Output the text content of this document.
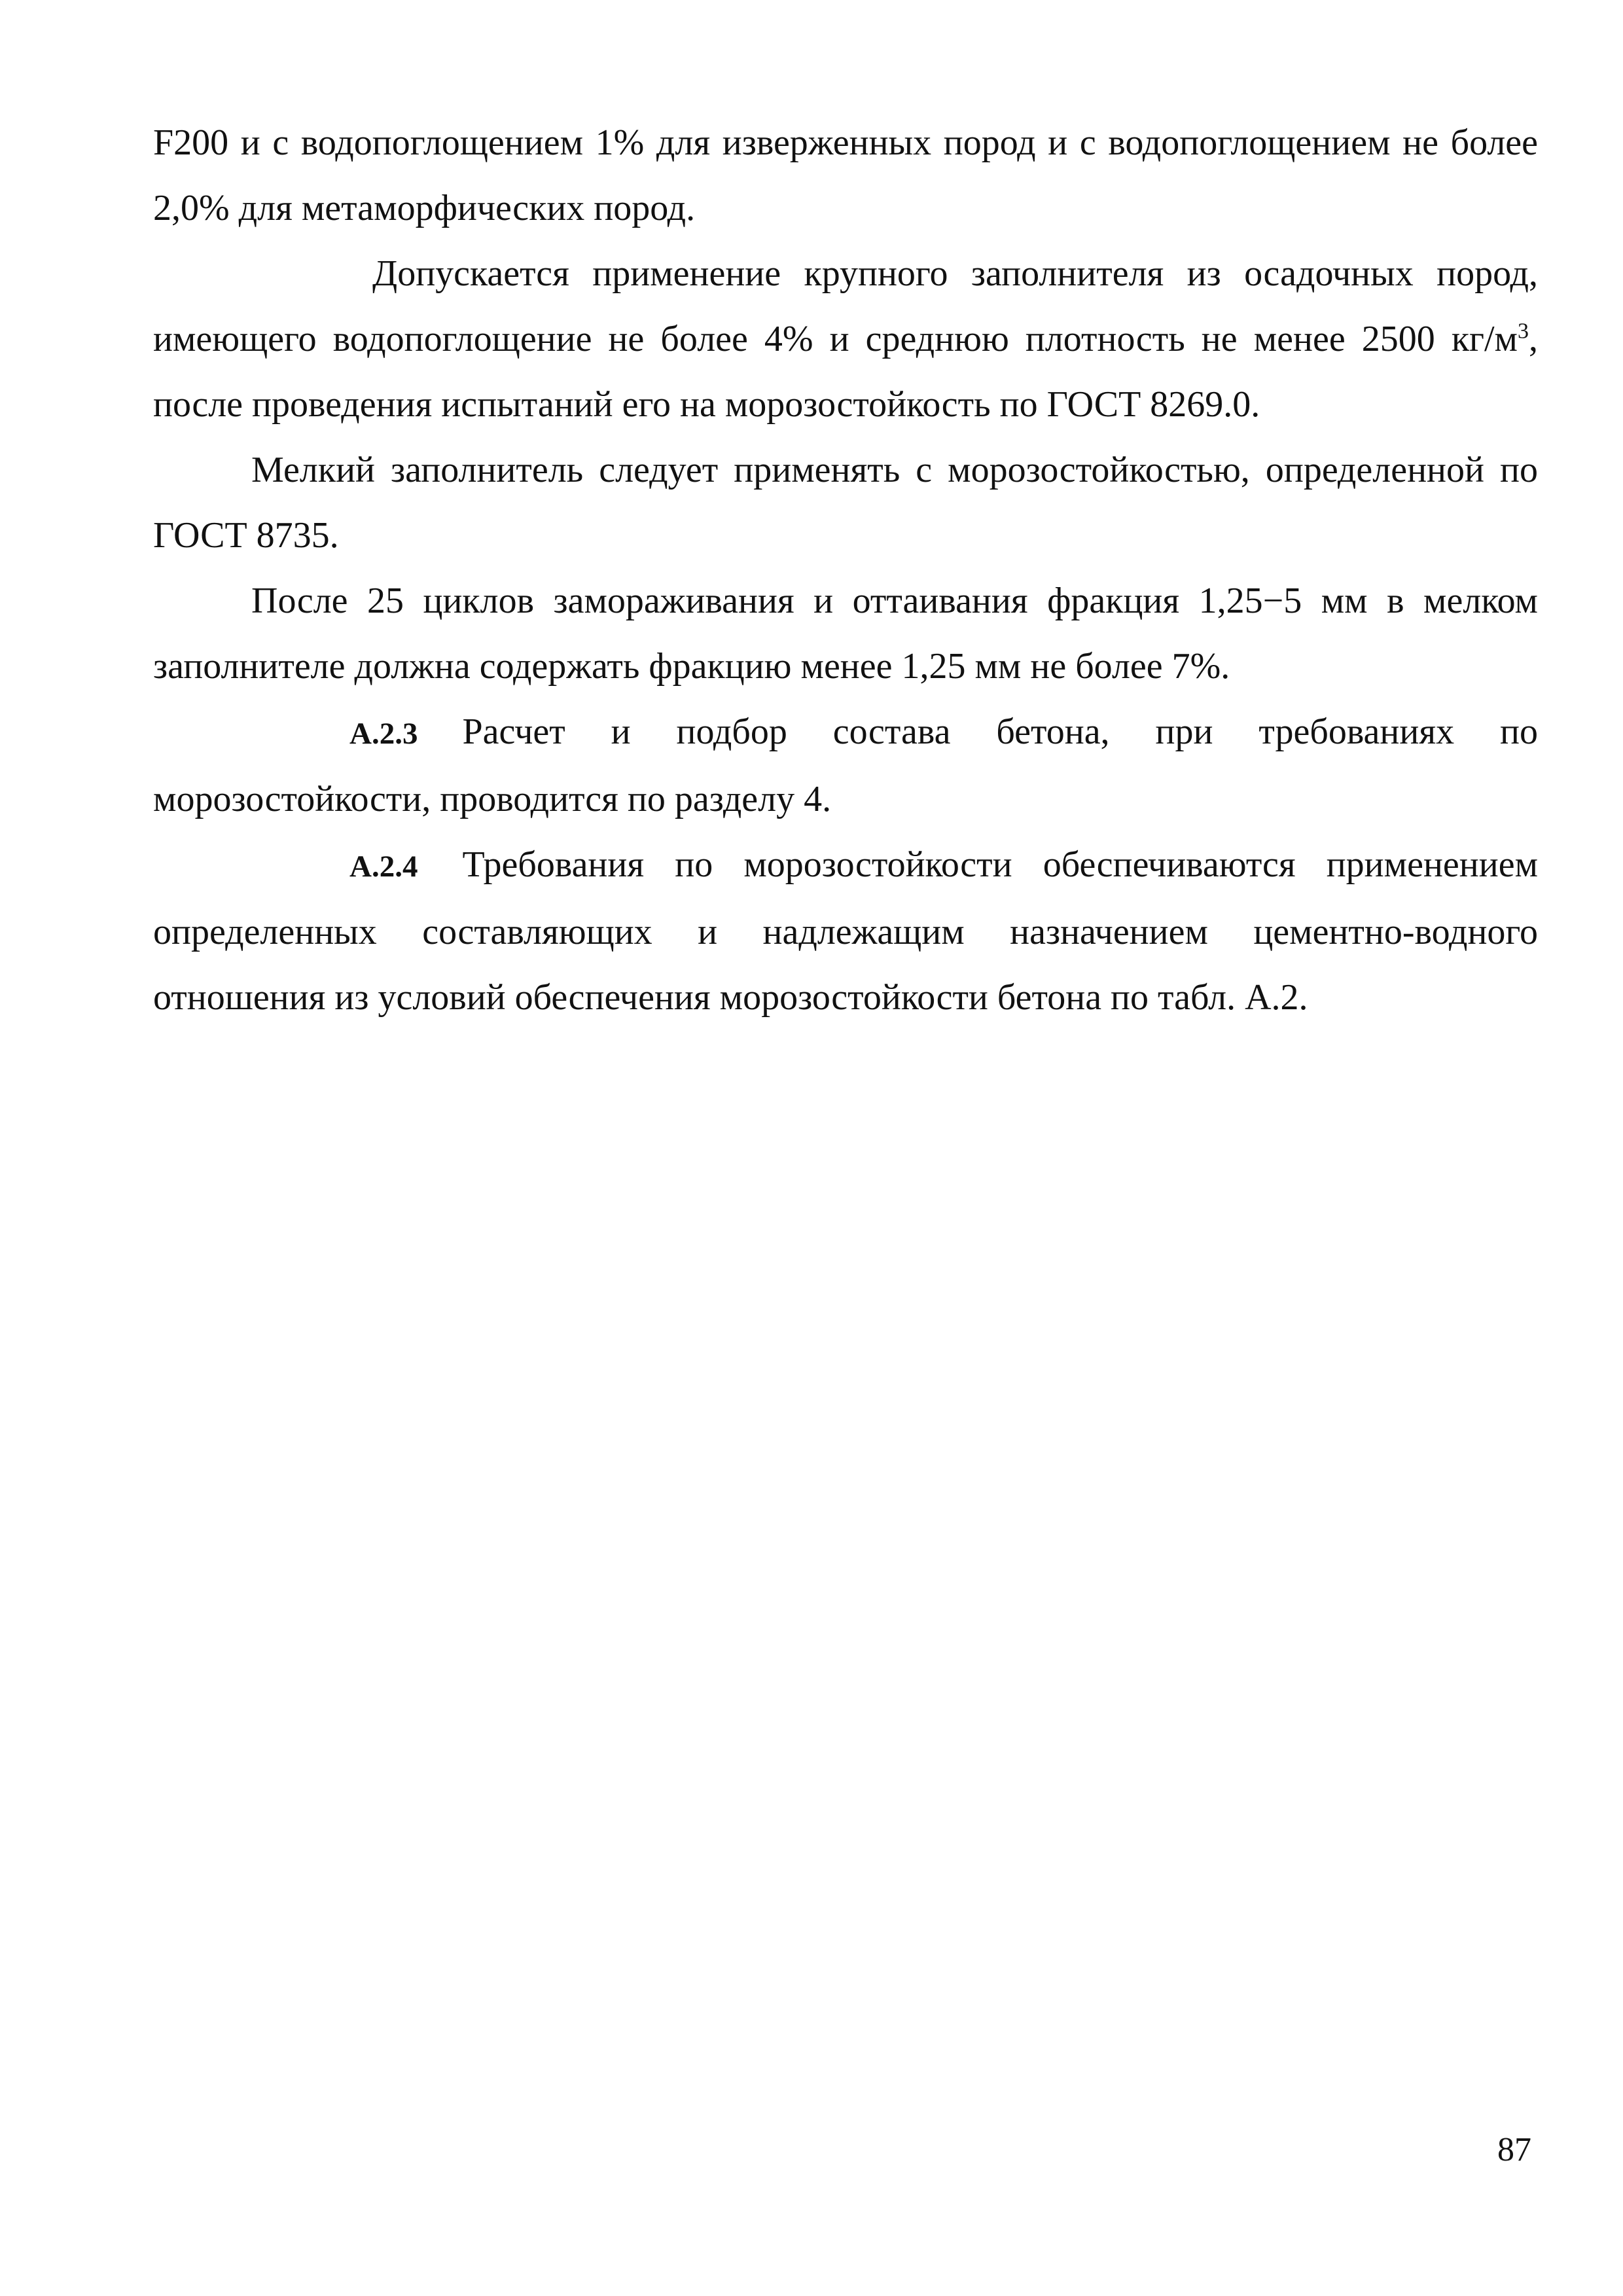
F200 и с водопоглощением 1% для изверженных пород и с водопоглощением не более 2,0% для метаморфических пород.

Допускается применение крупного заполнителя из осадочных пород, имеющего водопоглощение не более 4% и среднюю плотность не менее 2500 $кг/м^3$, после проведения испытаний его на морозостойкость по ГОСТ 8269.0.

Мелкий заполнитель следует применять с морозостойкостью, определенной по ГОСТ 8735.

После 25 циклов замораживания и оттаивания фракция 1,25−5 мм в мелком заполнителе должна содержать фракцию менее 1,25 мм не более 7%.

А.2.3 Расчет и подбор состава бетона, при требованиях по морозостойкости, проводится по разделу 4.

А.2.4 Требования по морозостойкости обеспечиваются применением определенных составляющих и надлежащим назначением цементно-водного отношения из условий обеспечения морозостойкости бетона по табл. А.2.

87
